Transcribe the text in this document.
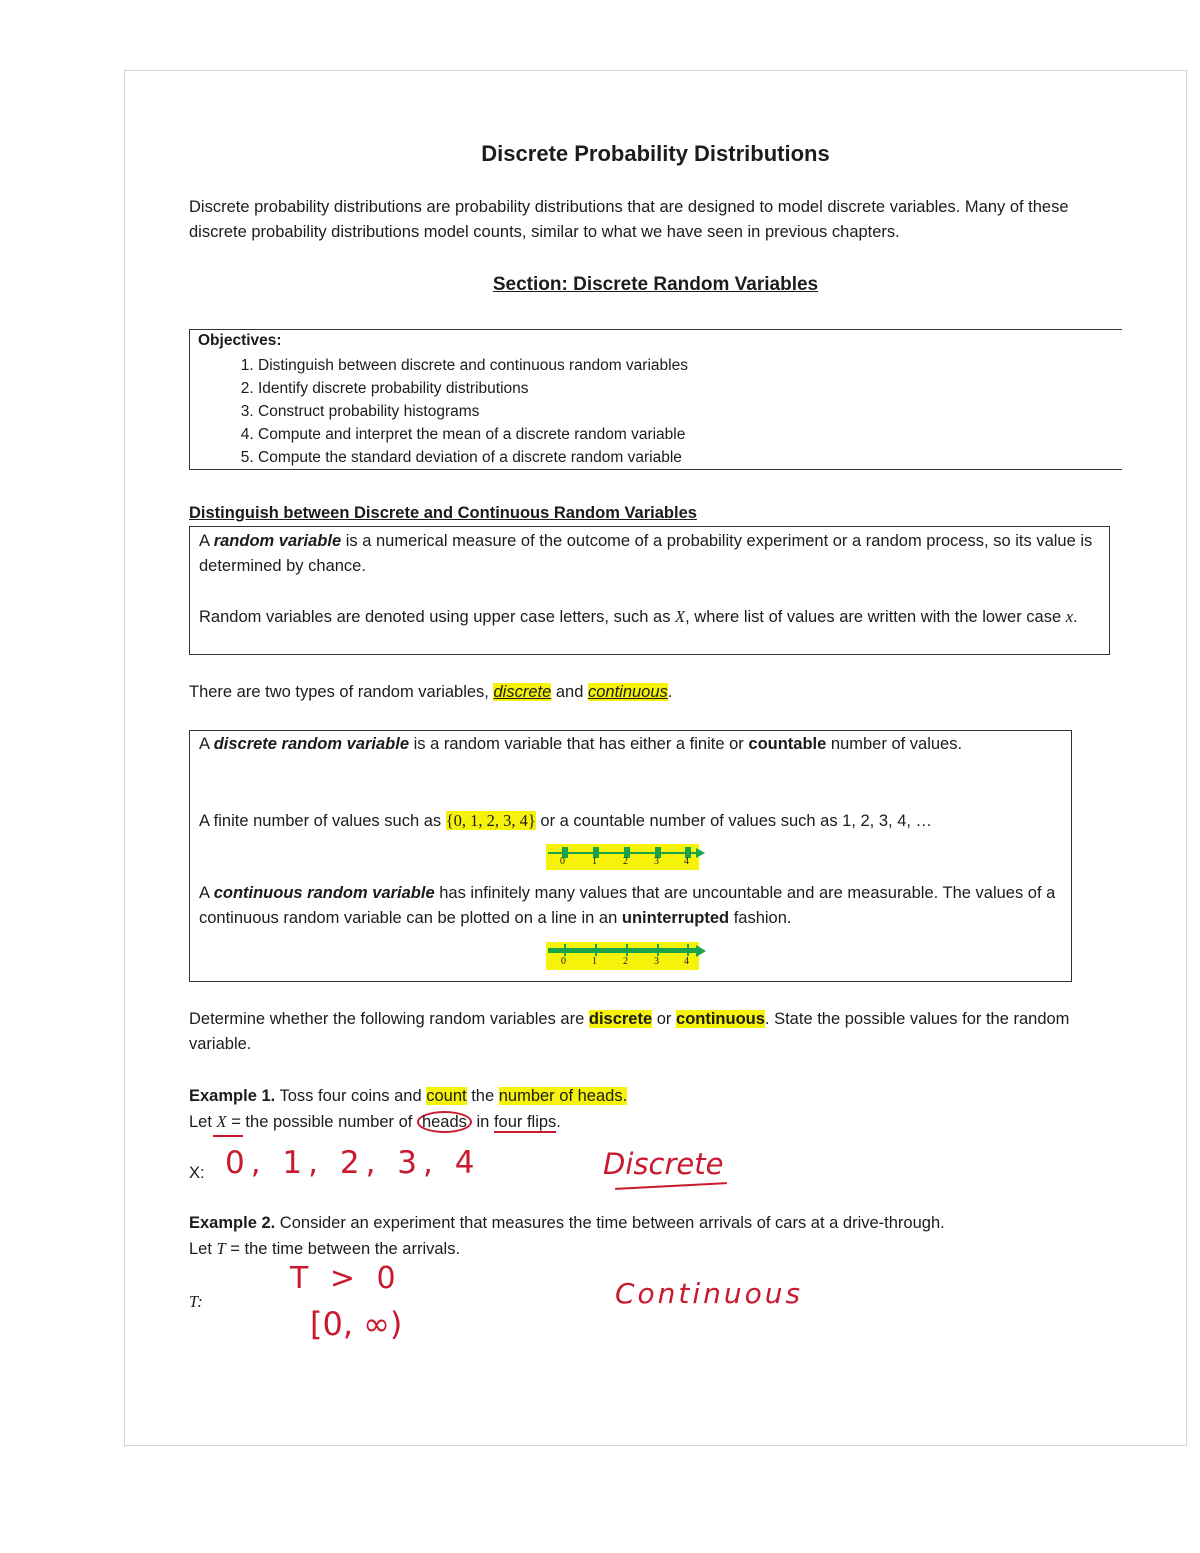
Discrete Probability Distributions
Discrete probability distributions are probability distributions that are designed to model discrete variables. Many of these discrete probability distributions model counts, similar to what we have seen in previous chapters.
Section: Discrete Random Variables
Objectives:
1. Distinguish between discrete and continuous random variables
2. Identify discrete probability distributions
3. Construct probability histograms
4. Compute and interpret the mean of a discrete random variable
5. Compute the standard deviation of a discrete random variable
Distinguish between Discrete and Continuous Random Variables
A random variable is a numerical measure of the outcome of a probability experiment or a random process, so its value is determined by chance.
Random variables are denoted using upper case letters, such as X, where list of values are written with the lower case x.
There are two types of random variables, discrete and continuous.
A discrete random variable is a random variable that has either a finite or countable number of values.
A finite number of values such as {0, 1, 2, 3, 4} or a countable number of values such as 1, 2, 3, 4, …
0	1	2	3	4
A continuous random variable has infinitely many values that are uncountable and are measurable. The values of a continuous random variable can be plotted on a line in an uninterrupted fashion.
0	1	2	3	4
Determine whether the following random variables are discrete or continuous. State the possible values for the random variable.
Example 1. Toss four coins and count the number of heads.
Let X = the possible number of heads in four flips.
X: 0, 1, 2, 3, 4	Discrete
Example 2. Consider an experiment that measures the time between arrivals of cars at a drive-through.
Let T = the time between the arrivals.
T:
T > 0
[0, ∞)
Continuous
